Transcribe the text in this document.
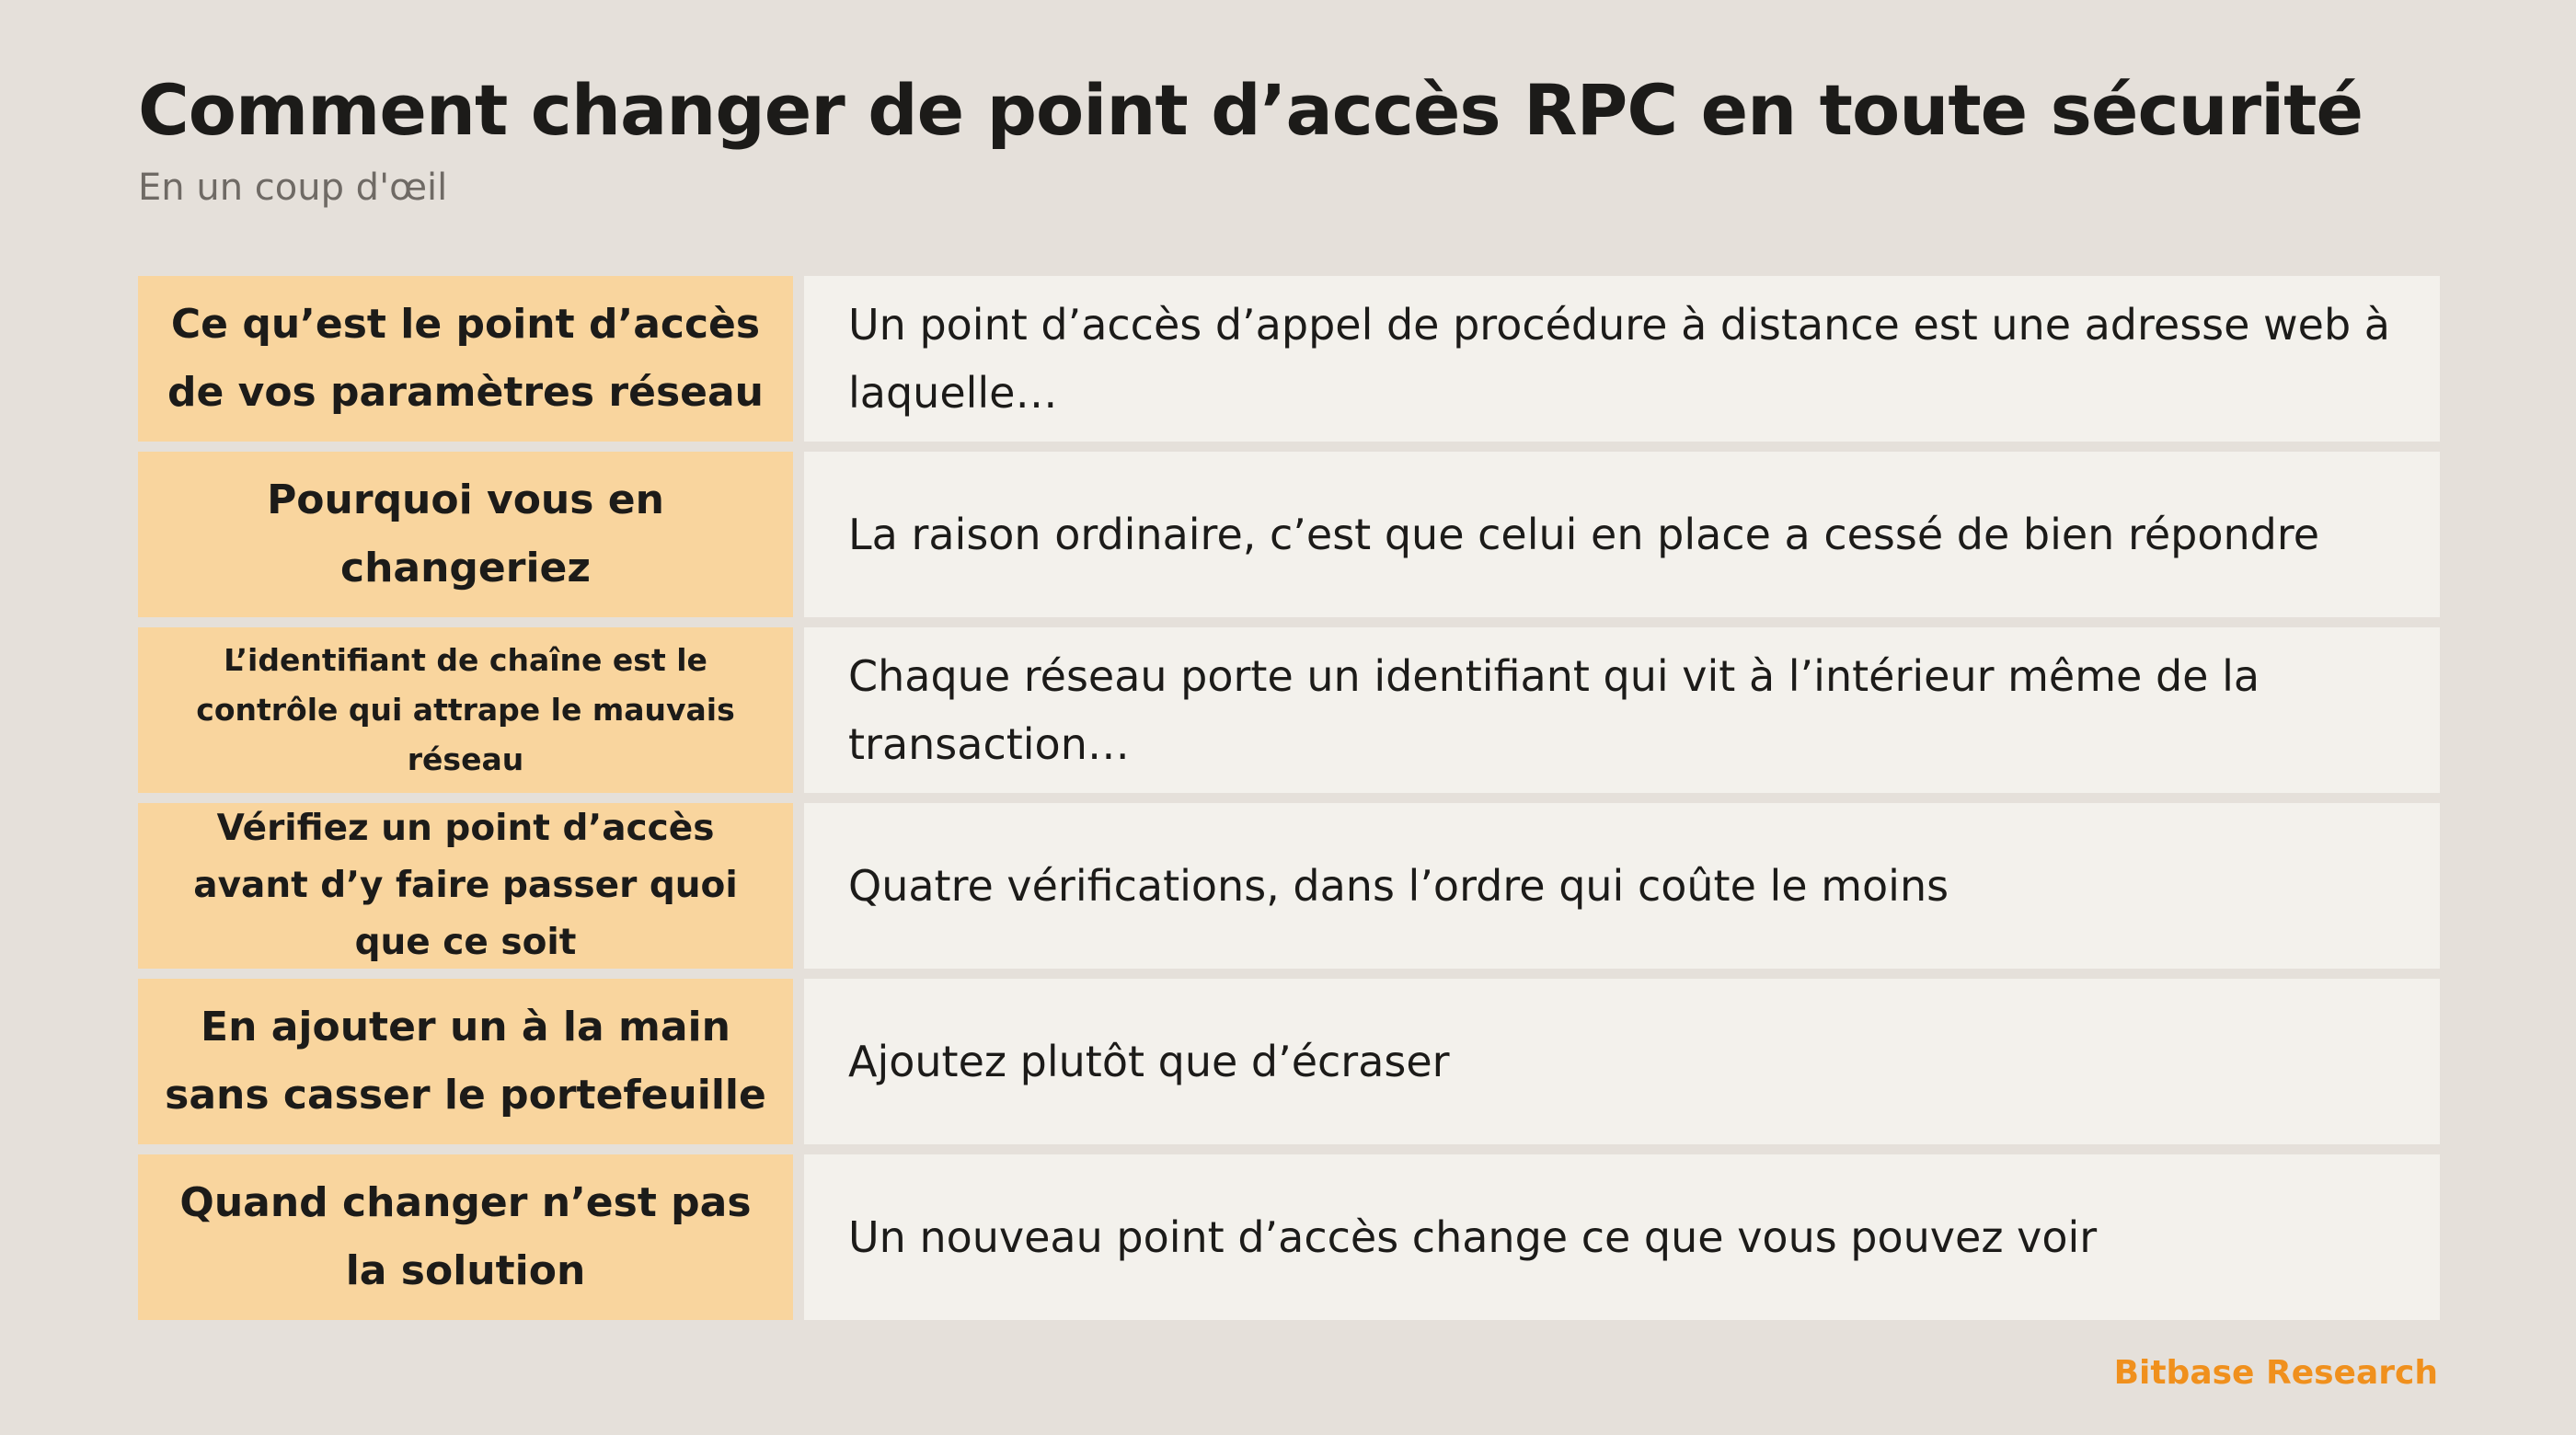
Comment changer de point d’accès RPC en toute sécurité
En un coup d'œil
Ce qu’est le point d’accès de vos paramètres réseau
Un point d’accès d’appel de procédure à distance est une adresse web à laquelle…
Pourquoi vous en changeriez
La raison ordinaire, c’est que celui en place a cessé de bien répondre
L’identifiant de chaîne est le contrôle qui attrape le mauvais réseau
Chaque réseau porte un identifiant qui vit à l’intérieur même de la transaction…
Vérifiez un point d’accès avant d’y faire passer quoi que ce soit
Quatre vérifications, dans l’ordre qui coûte le moins
En ajouter un à la main sans casser le portefeuille
Ajoutez plutôt que d’écraser
Quand changer n’est pas la solution
Un nouveau point d’accès change ce que vous pouvez voir
Bitbase Research
